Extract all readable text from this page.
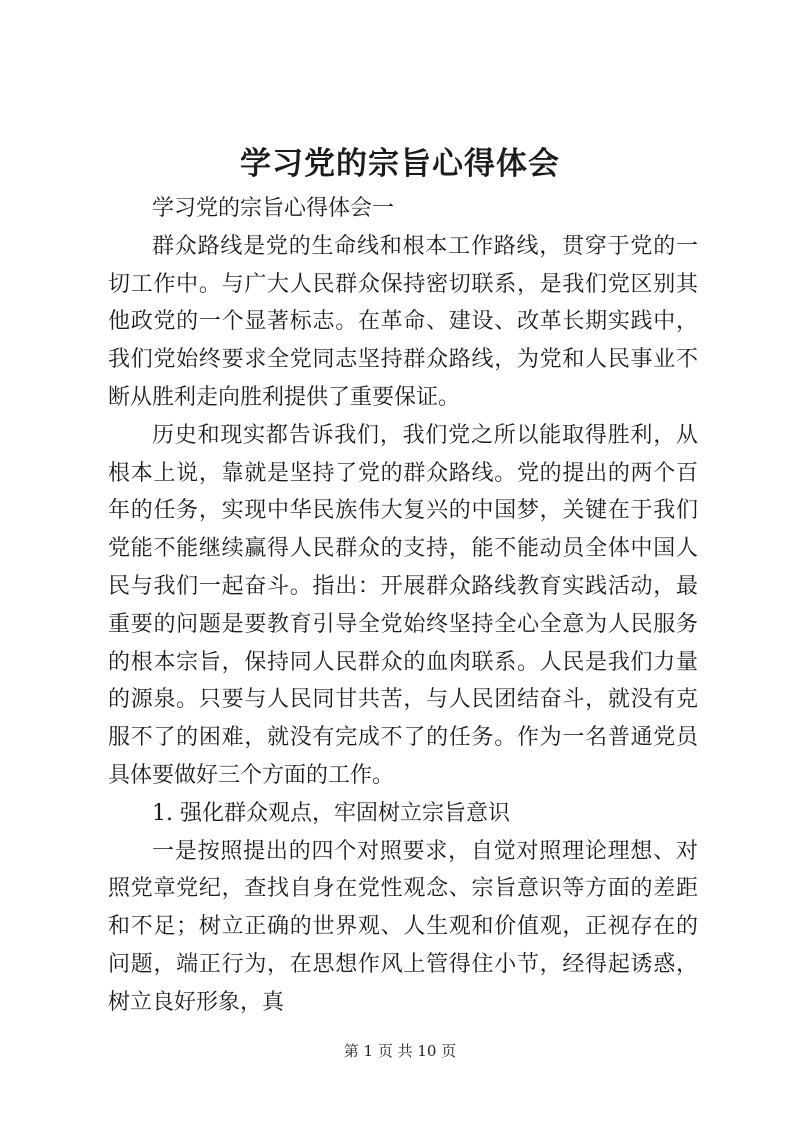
学习党的宗旨心得体会

学习党的宗旨心得体会一

群众路线是党的生命线和根本工作路线，贯穿于党的一切工作中。与广大人民群众保持密切联系，是我们党区别其他政党的一个显著标志。在革命、建设、改革长期实践中，我们党始终要求全党同志坚持群众路线，为党和人民事业不断从胜利走向胜利提供了重要保证。

历史和现实都告诉我们，我们党之所以能取得胜利，从根本上说，靠就是坚持了党的群众路线。党的提出的两个百年的任务，实现中华民族伟大复兴的中国梦，关键在于我们党能不能继续赢得人民群众的支持，能不能动员全体中国人民与我们一起奋斗。指出：开展群众路线教育实践活动，最重要的问题是要教育引导全党始终坚持全心全意为人民服务的根本宗旨，保持同人民群众的血肉联系。人民是我们力量的源泉。只要与人民同甘共苦，与人民团结奋斗，就没有克服不了的困难，就没有完成不了的任务。作为一名普通党员具体要做好三个方面的工作。

1. 强化群众观点，牢固树立宗旨意识

一是按照提出的四个对照要求，自觉对照理论理想、对照党章党纪，查找自身在党性观念、宗旨意识等方面的差距和不足；树立正确的世界观、人生观和价值观，正视存在的问题，端正行为，在思想作风上管得住小节，经得起诱惑，树立良好形象，真

第 1 页 共 10 页
